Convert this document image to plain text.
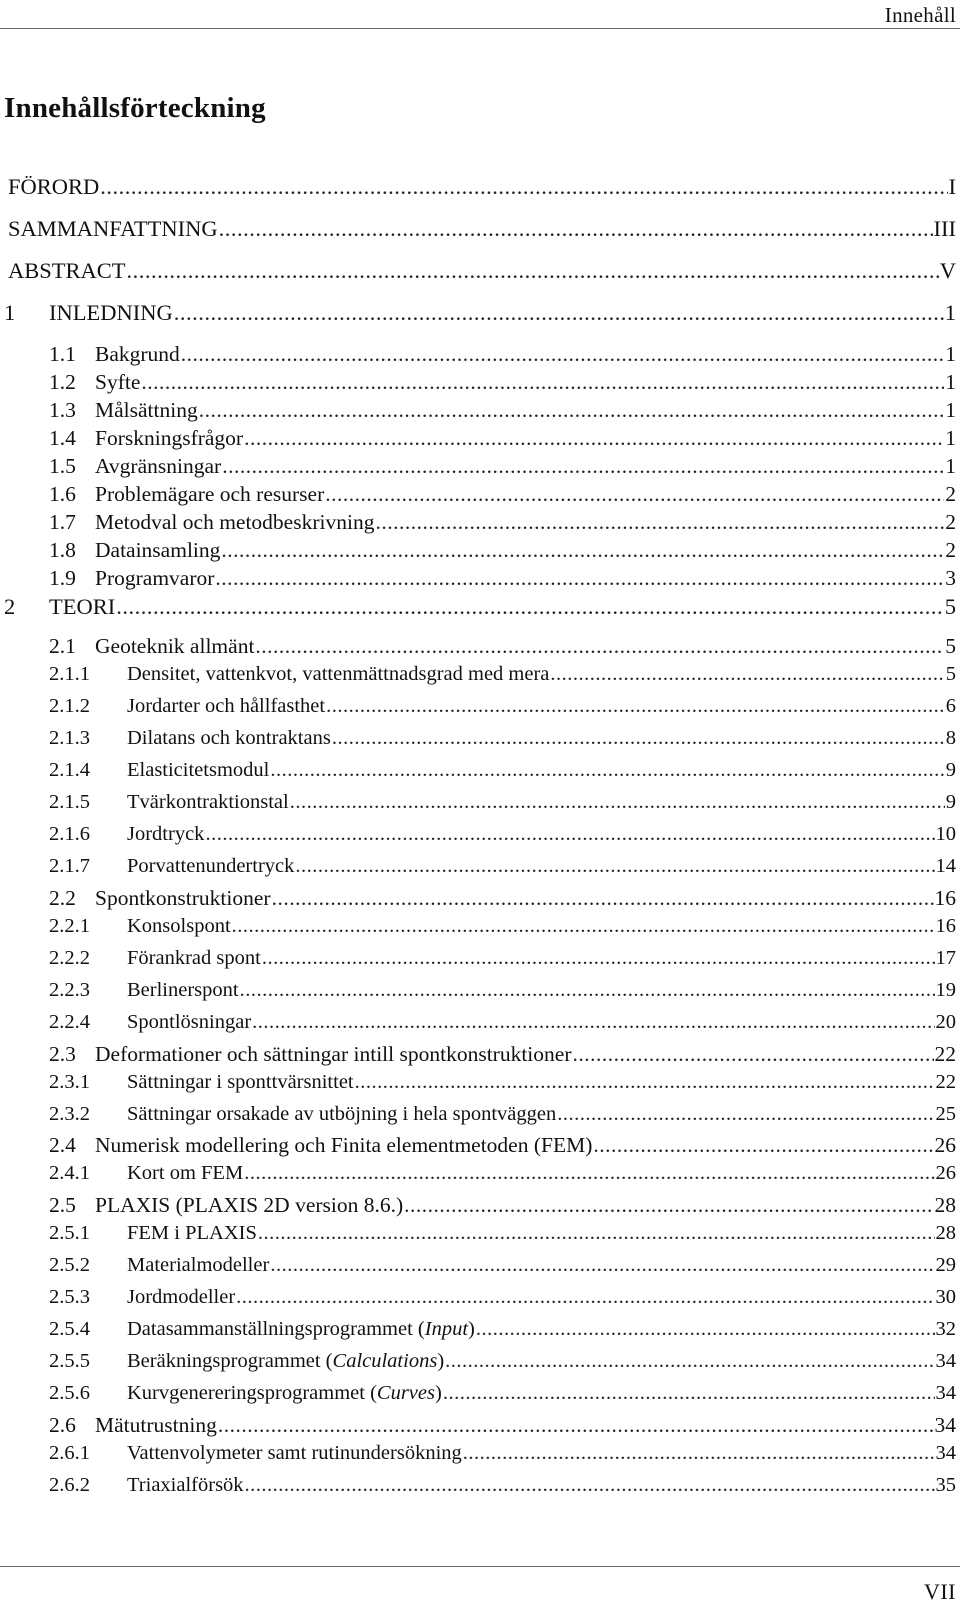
Innehåll
Innehållsförteckning
FÖRORD .....	I
SAMMANFATTNING .....	III
ABSTRACT .....	V
1	INLEDNING .....	1
1.1 Bakgrund .....	1
1.2 Syfte .....	1
1.3 Målsättning .....	1
1.4 Forskningsfrågor .....	1
1.5 Avgränsningar .....	1
1.6 Problemägare och resurser .....	2
1.7 Metodval och metodbeskrivning .....	2
1.8 Datainsamling .....	2
1.9 Programvaror .....	3
2	TEORI .....	5
2.1 Geoteknik allmänt .....	5
2.1.1	Densitet, vattenkvot, vattenmättnadsgrad med mera .....	5
2.1.2	Jordarter och hållfasthet .....	6
2.1.3	Dilatans och kontraktans .....	8
2.1.4	Elasticitetsmodul .....	9
2.1.5	Tvärkontraktionstal .....	9
2.1.6	Jordtryck .....	10
2.1.7	Porvattenundertryck .....	14
2.2 Spontkonstruktioner .....	16
2.2.1	Konsolspont .....	16
2.2.2	Förankrad spont .....	17
2.2.3	Berlinerspont .....	19
2.2.4	Spontlösningar .....	20
2.3 Deformationer och sättningar intill spontkonstruktioner .....	22
2.3.1	Sättningar i sponttvärsnittet .....	22
2.3.2	Sättningar orsakade av utböjning i hela spontväggen .....	25
2.4 Numerisk modellering och Finita elementmetoden (FEM) .....	26
2.4.1	Kort om FEM .....	26
2.5 PLAXIS (PLAXIS 2D version 8.6.) .....	28
2.5.1	FEM i PLAXIS .....	28
2.5.2	Materialmodeller .....	29
2.5.3	Jordmodeller .....	30
2.5.4	Datasammanställningsprogrammet (Input) .....	32
2.5.5	Beräkningsprogrammet (Calculations) .....	34
2.5.6	Kurvgenereringsprogrammet (Curves) .....	34
2.6 Mätutrustning .....	34
2.6.1	Vattenvolymeter samt rutinundersökning .....	34
2.6.2	Triaxialförsök .....	35
VII
